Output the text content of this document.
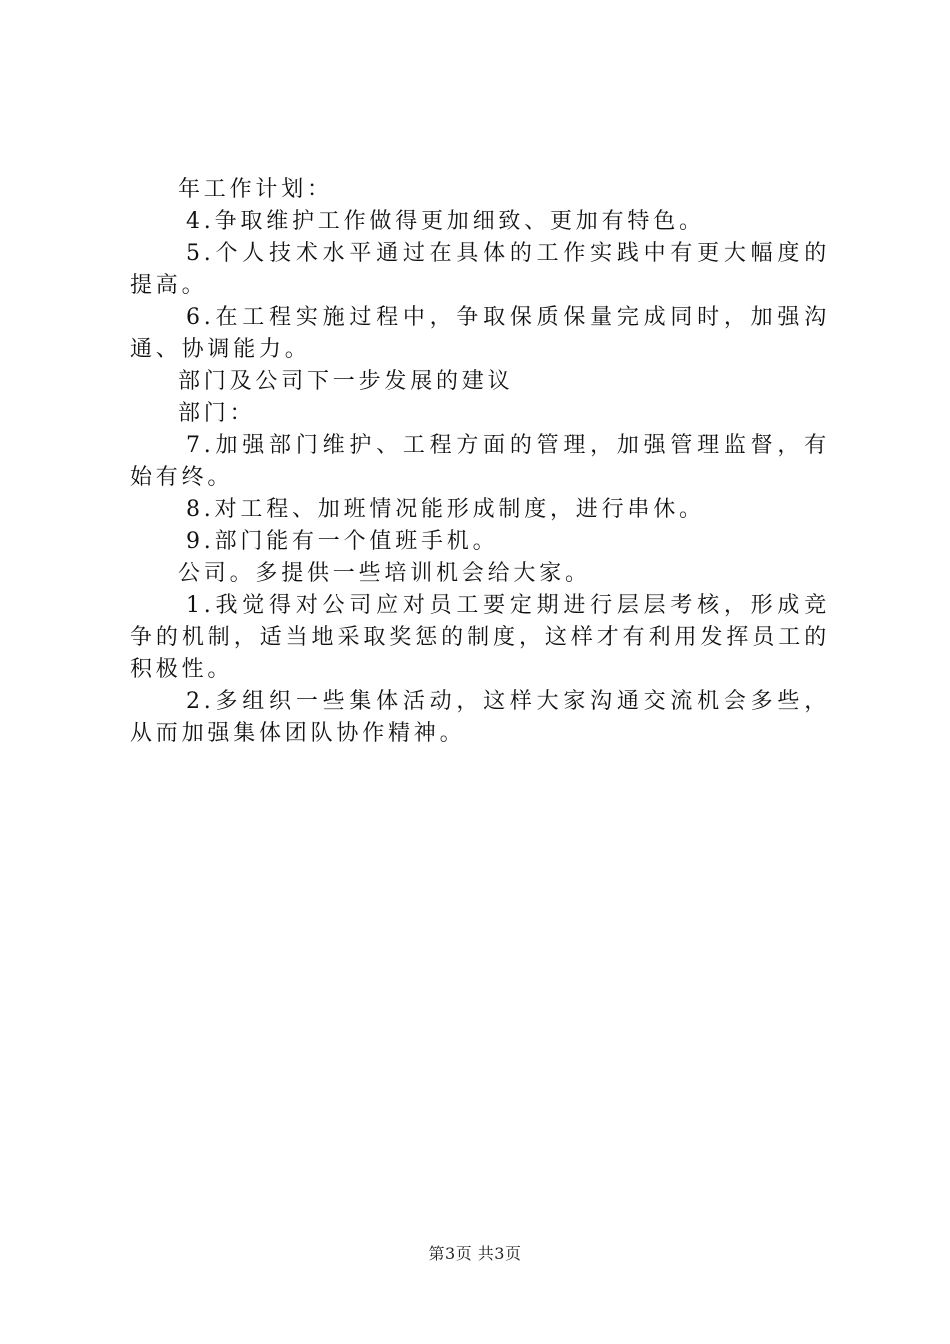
年工作计划：

4.争取维护工作做得更加细致、更加有特色。

5.个人技术水平通过在具体的工作实践中有更大幅度的提高。

6.在工程实施过程中，争取保质保量完成同时，加强沟通、协调能力。

部门及公司下一步发展的建议

部门：

7.加强部门维护、工程方面的管理，加强管理监督，有始有终。

8.对工程、加班情况能形成制度，进行串休。

9.部门能有一个值班手机。

公司。多提供一些培训机会给大家。

1.我觉得对公司应对员工要定期进行层层考核，形成竞争的机制，适当地采取奖惩的制度，这样才有利用发挥员工的积极性。

2.多组织一些集体活动，这样大家沟通交流机会多些，从而加强集体团队协作精神。

第3页 共3页
